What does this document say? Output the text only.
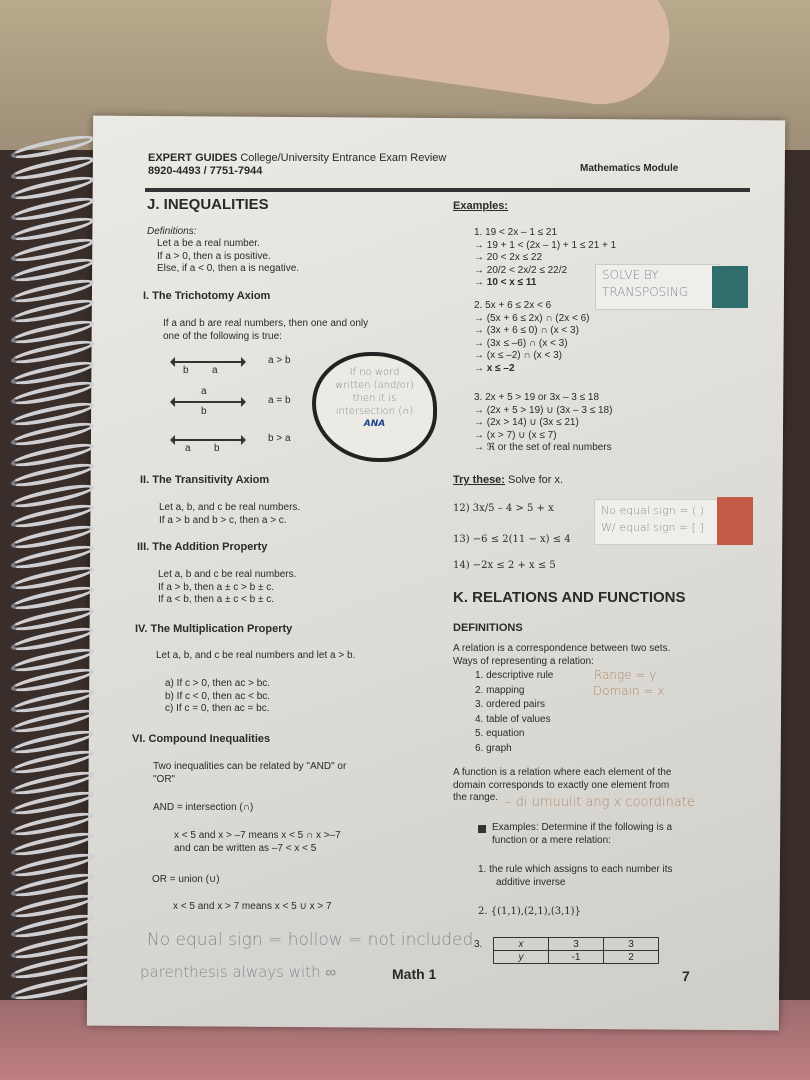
EXPERT GUIDES College/University Entrance Exam Review
8920-4493 / 7751-7944	Mathematics Module
J. INEQUALITIES
Definitions:
Let a be a real number.
If a > 0, then a is positive.
Else, if a < 0, then a is negative.
I. The Trichotomy Axiom
If a and b are real numbers, then one and only
one of the following is true:
b a
a > b
a
b
a = b
a b
b > a
If no word
written (and/or)
then it is
intersection (∩)
ANA
II. The Transitivity Axiom
Let a, b, and c be real numbers.
If a > b and b > c, then a > c.
III. The Addition Property
Let a, b and c be real numbers.
If a > b, then a ± c > b ± c.
If a < b, then a ± c < b ± c.
IV. The Multiplication Property
Let a, b, and c be real numbers and let a > b.
a) If c > 0, then ac > bc.
b) If c < 0, then ac < bc.
c) If c = 0, then ac = bc.
VI. Compound Inequalities
Two inequalities can be related by "AND" or
"OR"
AND = intersection (∩)
x < 5 and x > –7 means x < 5 ∩ x >–7
and can be written as –7 < x < 5
OR = union (∪)
x < 5 and x > 7 means x < 5 ∪ x > 7
No equal sign = hollow = not included
parenthesis always with ∞	Math 1
Examples:
1. 19 < 2x – 1 ≤ 21
→ 19 + 1 < (2x – 1) + 1 ≤ 21 + 1
→ 20 < 2x ≤ 22
→ 20/2 < 2x/2 ≤ 22/2
→ 10 < x ≤ 11
SOLVE BY
TRANSPOSING
2. 5x + 6 ≤ 2x < 6
→ (5x + 6 ≤ 2x) ∩ (2x < 6)
→ (3x + 6 ≤ 0) ∩ (x < 3)
→ (3x ≤ –6) ∩ (x < 3)
→ (x ≤ –2) ∩ (x < 3)
→ x ≤ –2
3. 2x + 5 > 19 or 3x – 3 ≤ 18
→ (2x + 5 > 19) ∪ (3x – 3 ≤ 18)
→ (2x > 14) ∪ (3x ≤ 21)
→ (x > 7) ∪ (x ≤ 7)
→ ℜ or the set of real numbers
Try these: Solve for x.
12) 3x/5 – 4 > 5 + x
13) −6 ≤ 2(11 − x) ≤ 4
14) −2x ≤ 2 + x ≤ 5
No equal sign = ( )
W/ equal sign = [ ]
K. RELATIONS AND FUNCTIONS
DEFINITIONS
A relation is a correspondence between two sets.
Ways of representing a relation:
1. descriptive rule
2. mapping
3. ordered pairs
4. table of values
5. equation
6. graph
Range = y
Domain = x
A function is a relation where each element of the
domain corresponds to exactly one element from
the range. – di umuulit ang x coordinate
Examples: Determine if the following is a
function or a mere relation:
1. the rule which assigns to each number its
additive inverse
2. {(1,1),(2,1),(3,1)}
3.	x	3	3
y	-1	2
7
